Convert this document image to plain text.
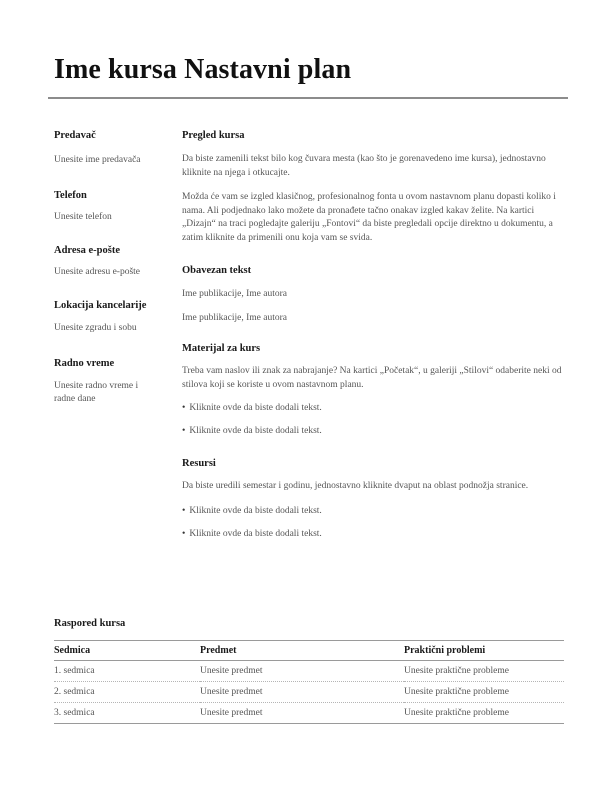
Ime kursa Nastavni plan
Predavač
Unesite ime predavača
Telefon
Unesite telefon
Adresa e-pošte
Unesite adresu e-pošte
Lokacija kancelarije
Unesite zgradu i sobu
Radno vreme
Unesite radno vreme i radne dane
Pregled kursa
Da biste zamenili tekst bilo kog čuvara mesta (kao što je gorenavedeno ime kursa), jednostavno kliknite na njega i otkucajte.
Možda će vam se izgled klasičnog, profesionalnog fonta u ovom nastavnom planu dopasti koliko i nama. Ali podjednako lako možete da pronađete tačno onakav izgled kakav želite. Na kartici „Dizajn“ na traci pogledajte galeriju „Fontovi“ da biste pregledali opcije direktno u dokumentu, a zatim kliknite da primenili onu koja vam se svida.
Obavezan tekst
Ime publikacije, Ime autora
Ime publikacije, Ime autora
Materijal za kurs
Treba vam naslov ili znak za nabrajanje? Na kartici „Početak“, u galeriji „Stilovi“ odaberite neki od stilova koji se koriste u ovom nastavnom planu.
• Kliknite ovde da biste dodali tekst.
• Kliknite ovde da biste dodali tekst.
Resursi
Da biste uredili semestar i godinu, jednostavno kliknite dvaput na oblast podnožja stranice.
• Kliknite ovde da biste dodali tekst.
• Kliknite ovde da biste dodali tekst.
Raspored kursa
Sedmica	Predmet	Praktični problemi
1. sedmica	Unesite predmet	Unesite praktične probleme
2. sedmica	Unesite predmet	Unesite praktične probleme
3. sedmica	Unesite predmet	Unesite praktične probleme
